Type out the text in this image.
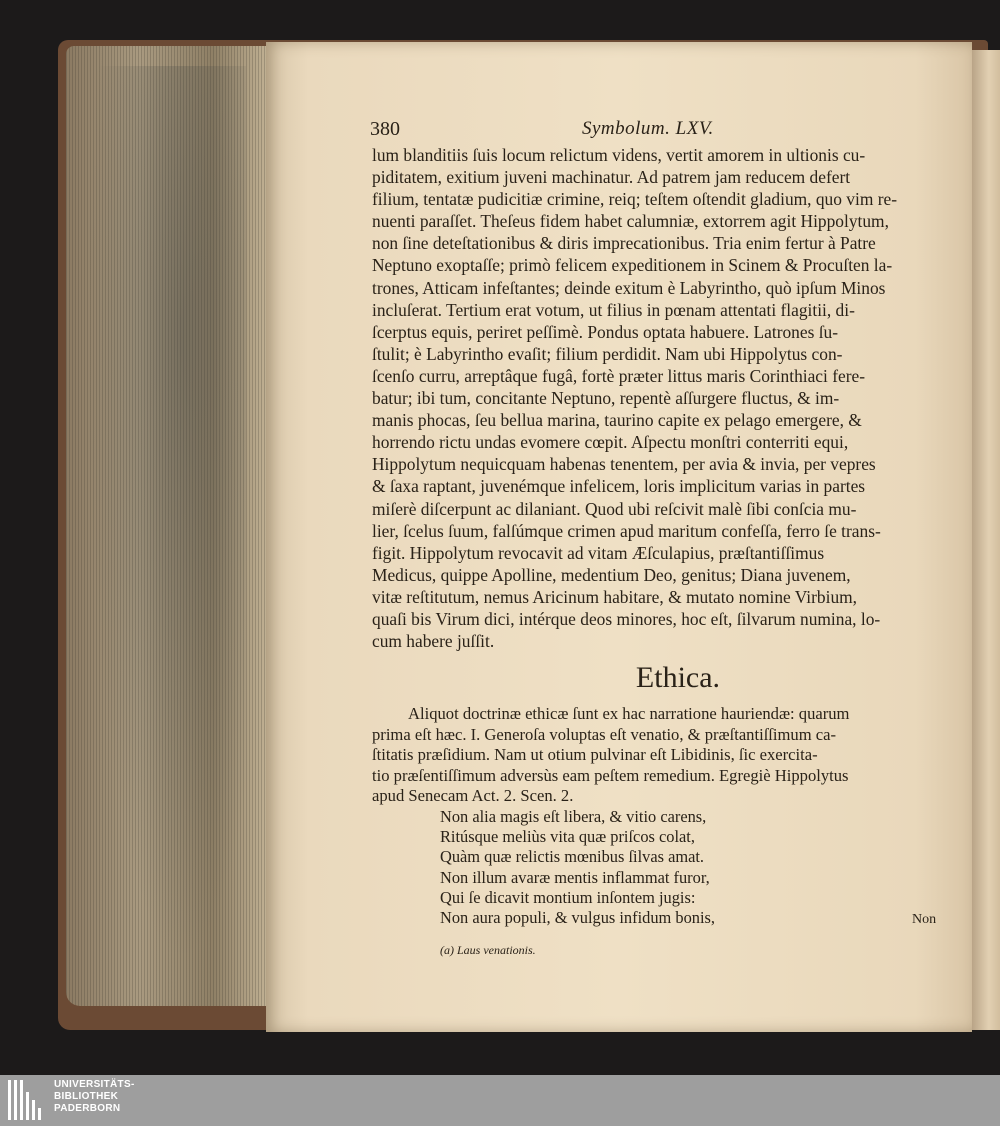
380	Symbolum. LXV.
lum blanditiis ſuis locum relictum videns, vertit amorem in ultionis cu-
piditatem, exitium juveni machinatur. Ad patrem jam reducem defert
filium, tentatæ pudicitiæ crimine, reiq; teſtem oſtendit gladium, quo vim re-
nuenti paraſſet. Theſeus fidem habet calumniæ, extorrem agit Hippolytum,
non ſine deteſtationibus & diris imprecationibus. Tria enim fertur à Patre
Neptuno exoptaſſe; primò felicem expeditionem in Scinem & Procuſten la-
trones, Atticam infeſtantes; deinde exitum è Labyrintho, quò ipſum Minos
incluſerat. Tertium erat votum, ut filius in pœnam attentati flagitii, di-
ſcerptus equis, periret peſſimè. Pondus optata habuere. Latrones ſu-
ſtulit; è Labyrintho evaſit; filium perdidit. Nam ubi Hippolytus con-
ſcenſo curru, arreptâque fugâ, fortè præter littus maris Corinthiaci fere-
batur; ibi tum, concitante Neptuno, repentè aſſurgere fluctus, & im-
manis phocas, ſeu bellua marina, taurino capite ex pelago emergere, &
horrendo rictu undas evomere cœpit. Aſpectu monſtri conterriti equi,
Hippolytum nequicquam habenas tenentem, per avia & invia, per vepres
& ſaxa raptant, juvenémque infelicem, loris implicitum varias in partes
miſerè diſcerpunt ac dilaniant. Quod ubi reſcivit malè ſibi conſcia mu-
lier, ſcelus ſuum, falſúmque crimen apud maritum confeſſa, ferro ſe trans-
figit. Hippolytum revocavit ad vitam Æſculapius, præſtantiſſimus
Medicus, quippe Apolline, medentium Deo, genitus; Diana juvenem,
vitæ reſtitutum, nemus Aricinum habitare, & mutato nomine Virbium,
quaſi bis Virum dici, intérque deos minores, hoc eſt, ſilvarum numina, lo-
cum habere juſſit.
Ethica.
Aliquot doctrinæ ethicæ ſunt ex hac narratione hauriendæ: quarum
prima eſt hæc. I. Generoſa voluptas eſt venatio, & præſtantiſſimum ca-
ſtitatis præſidium. Nam ut otium pulvinar eſt Libidinis, ſic exercita-
tio præſentiſſimum adversùs eam peſtem remedium. Egregiè Hippolytus
apud Senecam Act. 2. Scen. 2.
Non alia magis eſt libera, & vitio carens,
Ritúsque meliùs vita quæ priſcos colat,
Quàm quæ relictis mœnibus ſilvas amat.
Non illum avaræ mentis inflammat furor,
Qui ſe dicavit montium inſontem jugis:
Non aura populi, & vulgus infidum bonis,	Non
(a) Laus venationis.
UNIVERSITÄTS-
BIBLIOTHEK
PADERBORN
